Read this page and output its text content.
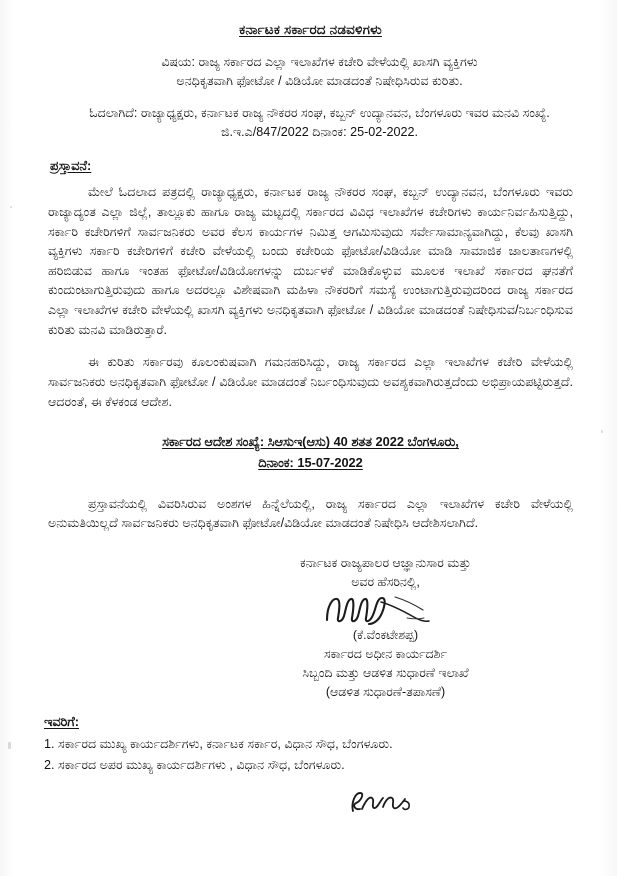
ಕರ್ನಾಟಕ ಸರ್ಕಾರದ ನಡವಳಿಗಳು
ವಿಷಯ: ರಾಜ್ಯ ಸರ್ಕಾರದ ಎಲ್ಲಾ ಇಲಾಖೆಗಳ ಕಚೇರಿ ವೇಳೆಯಲ್ಲಿ ಖಾಸಗಿ ವ್ಯಕ್ತಿಗಳು
ಅನಧಿಕೃತವಾಗಿ ಫೋಟೋ / ವಿಡಿಯೋ ಮಾಡದಂತೆ ನಿಷೇಧಿಸಿರುವ ಕುರಿತು.
ಓದಲಾಗಿದೆ: ರಾಜ್ಯಾಧ್ಯಕ್ಷರು, ಕರ್ನಾಟಕ ರಾಜ್ಯ ನೌಕರರ ಸಂಘ, ಕಬ್ಬನ್ ಉದ್ಯಾನವನ, ಬೆಂಗಳೂರು ಇವರ ಮನವಿ ಸಂಖ್ಯೆ. ಜಿ.ಇ.ಎ/847/2022 ದಿನಾಂಕ: 25-02-2022.
ಪ್ರಸ್ತಾವನೆ:
ಮೇಲೆ ಓದಲಾದ ಪತ್ರದಲ್ಲಿ ರಾಜ್ಯಾಧ್ಯಕ್ಷರು, ಕರ್ನಾಟಕ ರಾಜ್ಯ ನೌಕರರ ಸಂಘ, ಕಬ್ಬನ್ ಉದ್ಯಾನವನ, ಬೆಂಗಳೂರು ಇವರು ರಾಜ್ಯಾದ್ಯಂತ ಎಲ್ಲಾ ಜಿಲ್ಲೆ, ತಾಲ್ಲೂಕು ಹಾಗೂ ರಾಜ್ಯ ಮಟ್ಟದಲ್ಲಿ ಸರ್ಕಾರದ ವಿವಿಧ ಇಲಾಖೆಗಳ ಕಚೇರಿಗಳು ಕಾರ್ಯನಿರ್ವಹಿಸುತ್ತಿದ್ದು, ಸರ್ಕಾರಿ ಕಚೇರಿಗಳಿಗೆ ಸಾರ್ವಜನಿಕರು ಅವರ ಕೆಲಸ ಕಾರ್ಯಗಳ ನಿಮಿತ್ತ ಆಗಮಿಸುವುದು ಸರ್ವೇಸಾಮಾನ್ಯವಾಗಿದ್ದು, ಕೆಲವು ಖಾಸಗಿ ವ್ಯಕ್ತಿಗಳು ಸರ್ಕಾರಿ ಕಚೇರಿಗಳಿಗೆ ಕಚೇರಿ ವೇಳೆಯಲ್ಲಿ ಬಂದು ಕಚೇರಿಯ ಫೋಟೋ/ವಿಡಿಯೋ ಮಾಡಿ ಸಾಮಾಜಿಕ ಜಾಲತಾಣಗಳಲ್ಲಿ ಹರಿಬಿಡುವ ಹಾಗೂ ಇಂತಹ ಫೋಟೋ/ವಿಡಿಯೋಗಳನ್ನು ದುರ್ಬಳಕೆ ಮಾಡಿಕೊಳ್ಳುವ ಮೂಲಕ ಇಲಾಖೆ ಸರ್ಕಾರದ ಘನತೆಗೆ ಕುಂದುಂಟಾಗುತ್ತಿರುವುದು ಹಾಗೂ ಅದರಲ್ಲೂ ವಿಶೇಷವಾಗಿ ಮಹಿಳಾ ನೌಕರರಿಗೆ ಸಮಸ್ಯೆ ಉಂಟಾಗುತ್ತಿರುವುದರಿಂದ ರಾಜ್ಯ ಸರ್ಕಾರದ ಎಲ್ಲಾ ಇಲಾಖೆಗಳ ಕಚೇರಿ ವೇಳೆಯಲ್ಲಿ ಖಾಸಗಿ ವ್ಯಕ್ತಿಗಳು ಅನಧಿಕೃತವಾಗಿ ಫೋಟೋ / ವಿಡಿಯೋ ಮಾಡದಂತೆ ನಿಷೇಧಿಸುವ/ನಿರ್ಬಂಧಿಸುವ ಕುರಿತು ಮನವಿ ಮಾಡಿರುತ್ತಾರೆ.
ಈ ಕುರಿತು ಸರ್ಕಾರವು ಕೂಲಂಕುಷವಾಗಿ ಗಮನಹರಿಸಿದ್ದು, ರಾಜ್ಯ ಸರ್ಕಾರದ ಎಲ್ಲಾ ಇಲಾಖೆಗಳ ಕಚೇರಿ ವೇಳೆಯಲ್ಲಿ ಸಾರ್ವಜನಿಕರು ಅನಧಿಕೃತವಾಗಿ ಫೋಟೋ / ವಿಡಿಯೋ ಮಾಡದಂತೆ ನಿರ್ಬಂಧಿಸುವುದು ಅವಶ್ಯಕವಾಗಿರುತ್ತದೆಂದು ಅಭಿಪ್ರಾಯಪಟ್ಟಿರುತ್ತದೆ. ಆದರಂತೆ, ಈ ಕೆಳಕಂಡ ಆದೇಶ.
ಸರ್ಕಾರದ ಆದೇಶ ಸಂಖ್ಯೆ: ಸಿಆಸುಇ(ಆಸು) 40 ಶತತ 2022 ಬೆಂಗಳೂರು,
ದಿನಾಂಕ: 15-07-2022
ಪ್ರಸ್ತಾವನೆಯಲ್ಲಿ ವಿವರಿಸಿರುವ ಅಂಶಗಳ ಹಿನ್ನೆಲೆಯಲ್ಲಿ, ರಾಜ್ಯ ಸರ್ಕಾರದ ಎಲ್ಲಾ ಇಲಾಖೆಗಳ ಕಚೇರಿ ವೇಳೆಯಲ್ಲಿ ಅನುಮತಿಯಿಲ್ಲದೆ ಸಾರ್ವಜನಿಕರು ಅನಧಿಕೃತವಾಗಿ ಫೋಟೋ/ವಿಡಿಯೋ ಮಾಡದಂತೆ ನಿಷೇಧಿಸಿ ಆದೇಶಿಸಲಾಗಿದೆ.
ಕರ್ನಾಟಕ ರಾಜ್ಯಪಾಲರ ಆಜ್ಞಾನುಸಾರ ಮತ್ತು
ಅವರ ಹೆಸರಿನಲ್ಲಿ,
(ಕೆ.ವೆಂಕಟೇಶಪ್ಪ)
ಸರ್ಕಾರದ ಅಧೀನ ಕಾರ್ಯದರ್ಶಿ
ಸಿಬ್ಬಂದಿ ಮತ್ತು ಆಡಳಿತ ಸುಧಾರಣೆ ಇಲಾಖೆ
(ಆಡಳಿತ ಸುಧಾರಣೆ-ತಪಾಸಣೆ)
ಇವರಿಗೆ:
1. ಸರ್ಕಾರದ ಮುಖ್ಯ ಕಾರ್ಯದರ್ಶಿಗಳು, ಕರ್ನಾಟಕ ಸರ್ಕಾರ, ವಿಧಾನ ಸೌಧ, ಬೆಂಗಳೂರು.
2. ಸರ್ಕಾರದ ಅಪರ ಮುಖ್ಯ ಕಾರ್ಯದರ್ಶಿಗಳು , ವಿಧಾನ ಸೌಧ, ಬೆಂಗಳೂರು.
